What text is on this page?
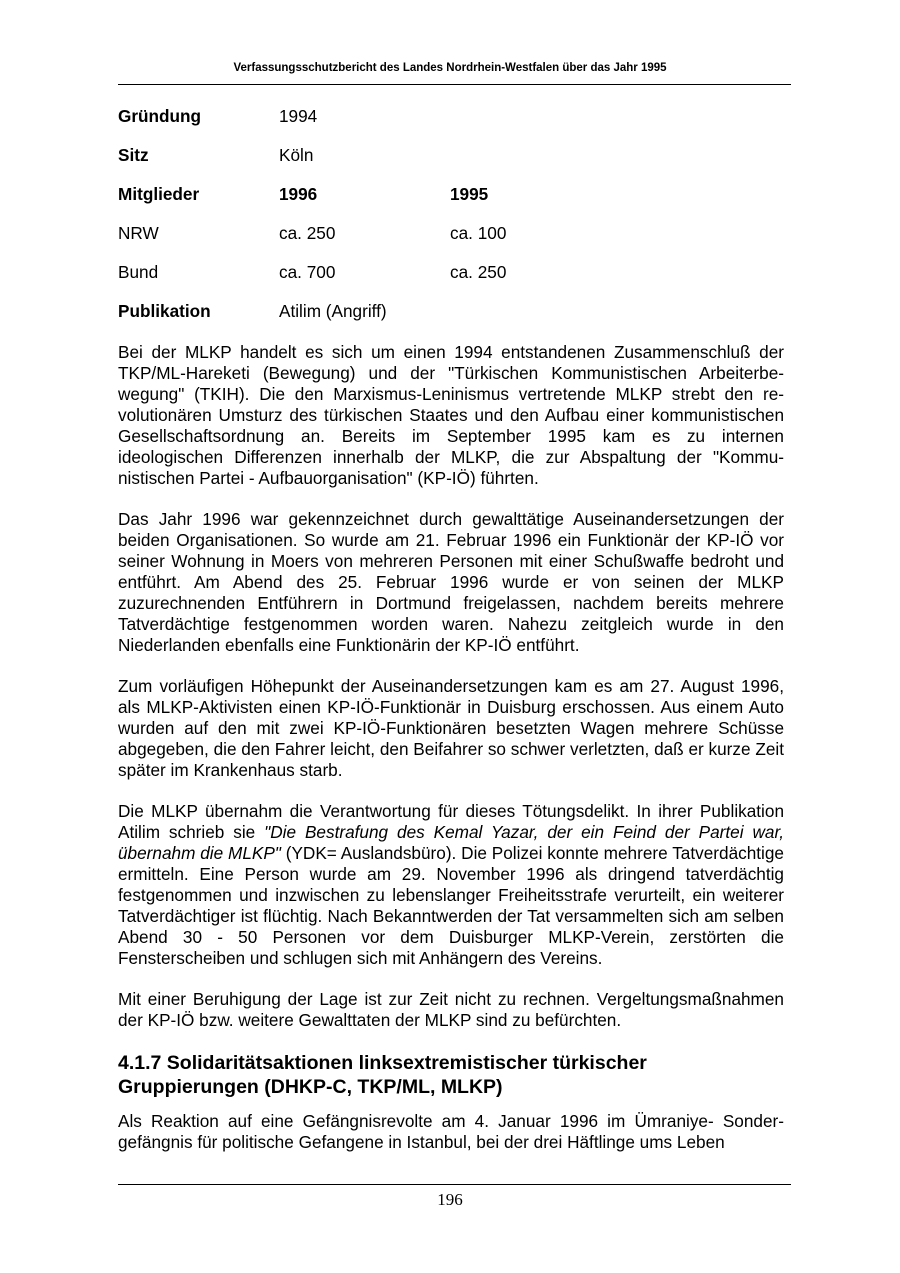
Verfassungsschutzbericht des Landes Nordrhein-Westfalen über das Jahr 1995
Gründung	1994	
Sitz	Köln	
Mitglieder	1996	1995
NRW	ca. 250	ca. 100
Bund	ca. 700	ca. 250
Publikation	Atilim (Angriff)	

Bei der MLKP handelt es sich um einen 1994 entstandenen Zusammenschluß der TKP/ML-Hareketi (Bewegung) und der "Türkischen Kommunistischen Arbeiterbewegung" (TKIH). Die den Marxismus-Leninismus vertretende MLKP strebt den revolutionären Umsturz des türkischen Staates und den Aufbau einer kommunistischen Gesellschaftsordnung an. Bereits im September 1995 kam es zu internen ideologischen Differenzen innerhalb der MLKP, die zur Abspaltung der "Kommunistischen Partei - Aufbauorganisation" (KP-IÖ) führten.

Das Jahr 1996 war gekennzeichnet durch gewalttätige Auseinandersetzungen der beiden Organisationen. So wurde am 21. Februar 1996 ein Funktionär der KP-IÖ vor seiner Wohnung in Moers von mehreren Personen mit einer Schußwaffe bedroht und entführt. Am Abend des 25. Februar 1996 wurde er von seinen der MLKP zuzurechnenden Entführern in Dortmund freigelassen, nachdem bereits mehrere Tatverdächtige festgenommen worden waren. Nahezu zeitgleich wurde in den Niederlanden ebenfalls eine Funktionärin der KP-IÖ entführt.

Zum vorläufigen Höhepunkt der Auseinandersetzungen kam es am 27. August 1996, als MLKP-Aktivisten einen KP-IÖ-Funktionär in Duisburg erschossen. Aus einem Auto wurden auf den mit zwei KP-IÖ-Funktionären besetzten Wagen mehrere Schüsse abgegeben, die den Fahrer leicht, den Beifahrer so schwer verletzten, daß er kurze Zeit später im Krankenhaus starb.

Die MLKP übernahm die Verantwortung für dieses Tötungsdelikt. In ihrer Publikation Atilim schrieb sie "Die Bestrafung des Kemal Yazar, der ein Feind der Partei war, übernahm die MLKP" (YDK= Auslandsbüro). Die Polizei konnte mehrere Tatverdächtige ermitteln. Eine Person wurde am 29. November 1996 als dringend tatverdächtig festgenommen und inzwischen zu lebenslanger Freiheitsstrafe verurteilt, ein weiterer Tatverdächtiger ist flüchtig. Nach Bekanntwerden der Tat versammelten sich am selben Abend 30 - 50 Personen vor dem Duisburger MLKP-Verein, zerstörten die Fensterscheiben und schlugen sich mit Anhängern des Vereins.

Mit einer Beruhigung der Lage ist zur Zeit nicht zu rechnen. Vergeltungsmaßnahmen der KP-IÖ bzw. weitere Gewalttaten der MLKP sind zu befürchten.

4.1.7 Solidaritätsaktionen linksextremistischer türkischer Gruppierungen (DHKP-C, TKP/ML, MLKP)

Als Reaktion auf eine Gefängnisrevolte am 4. Januar 1996 im Ümraniye- Sondergefängnis für politische Gefangene in Istanbul, bei der drei Häftlinge ums Leben

196
